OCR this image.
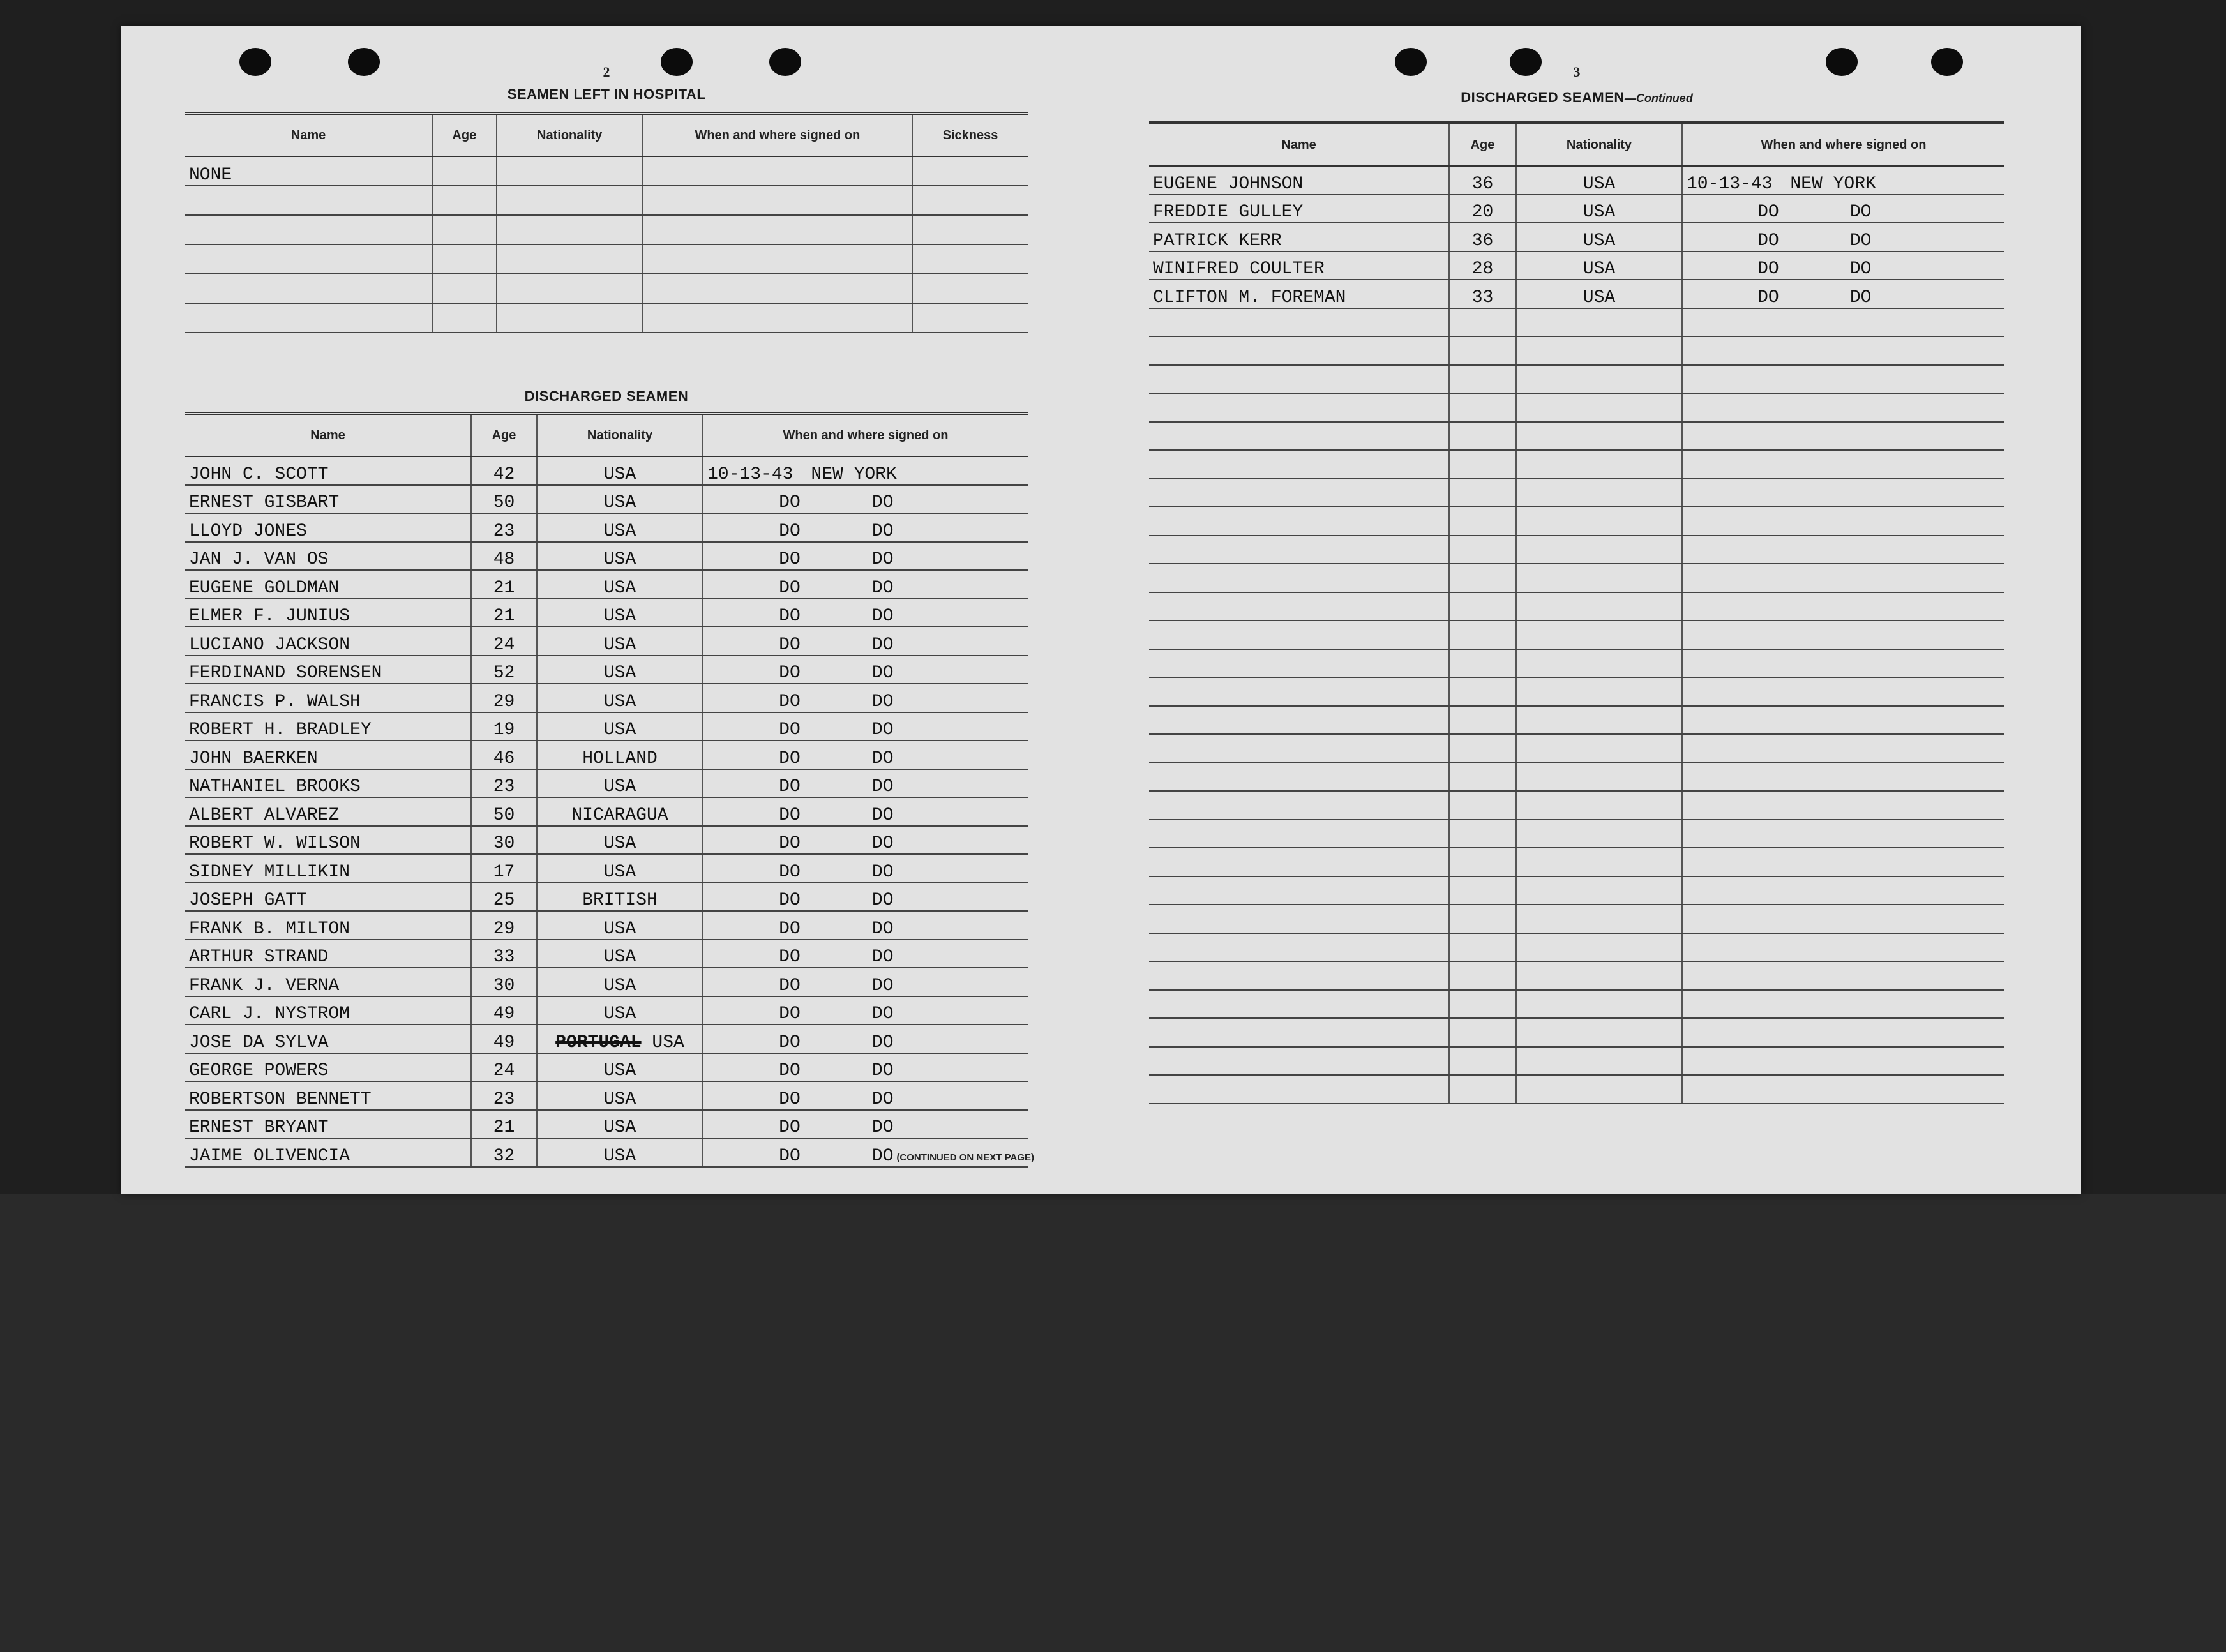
2
SEAMEN LEFT IN HOSPITAL
Name	Age	Nationality	When and where signed on	Sickness
NONE				

DISCHARGED SEAMEN
Name	Age	Nationality	When and where signed on
JOHN C. SCOTT	42	USA	10-13-43 NEW YORK

ERNEST GISBART	50	USA	DO DO

LLOYD JONES	23	USA	DO DO

JAN J. VAN OS	48	USA	DO DO

EUGENE GOLDMAN	21	USA	DO DO

ELMER F. JUNIUS	21	USA	DO DO

LUCIANO JACKSON	24	USA	DO DO

FERDINAND SORENSEN	52	USA	DO DO

FRANCIS P. WALSH	29	USA	DO DO

ROBERT H. BRADLEY	19	USA	DO DO

JOHN BAERKEN	46	HOLLAND	DO DO

NATHANIEL BROOKS	23	USA	DO DO

ALBERT ALVAREZ	50	NICARAGUA	DO DO

ROBERT W. WILSON	30	USA	DO DO

SIDNEY MILLIKIN	17	USA	DO DO

JOSEPH GATT	25	BRITISH	DO DO

FRANK B. MILTON	29	USA	DO DO

ARTHUR STRAND	33	USA	DO DO

FRANK J. VERNA	30	USA	DO DO

CARL J. NYSTROM	49	USA	DO DO

JOSE DA SYLVA	49	PORTUGAL USA	DO DO

GEORGE POWERS	24	USA	DO DO

ROBERTSON BENNETT	23	USA	DO DO

ERNEST BRYANT	21	USA	DO DO

JAIME OLIVENCIA	32	USA	DO DO (CONTINUED ON NEXT PAGE)
3
DISCHARGED SEAMEN—Continued
Name	Age	Nationality	When and where signed on
EUGENE JOHNSON	36	USA	10-13-43 NEW YORK

FREDDIE GULLEY	20	USA	DO DO

PATRICK KERR	36	USA	DO DO

WINIFRED COULTER	28	USA	DO DO

CLIFTON M. FOREMAN	33	USA	DO DO
